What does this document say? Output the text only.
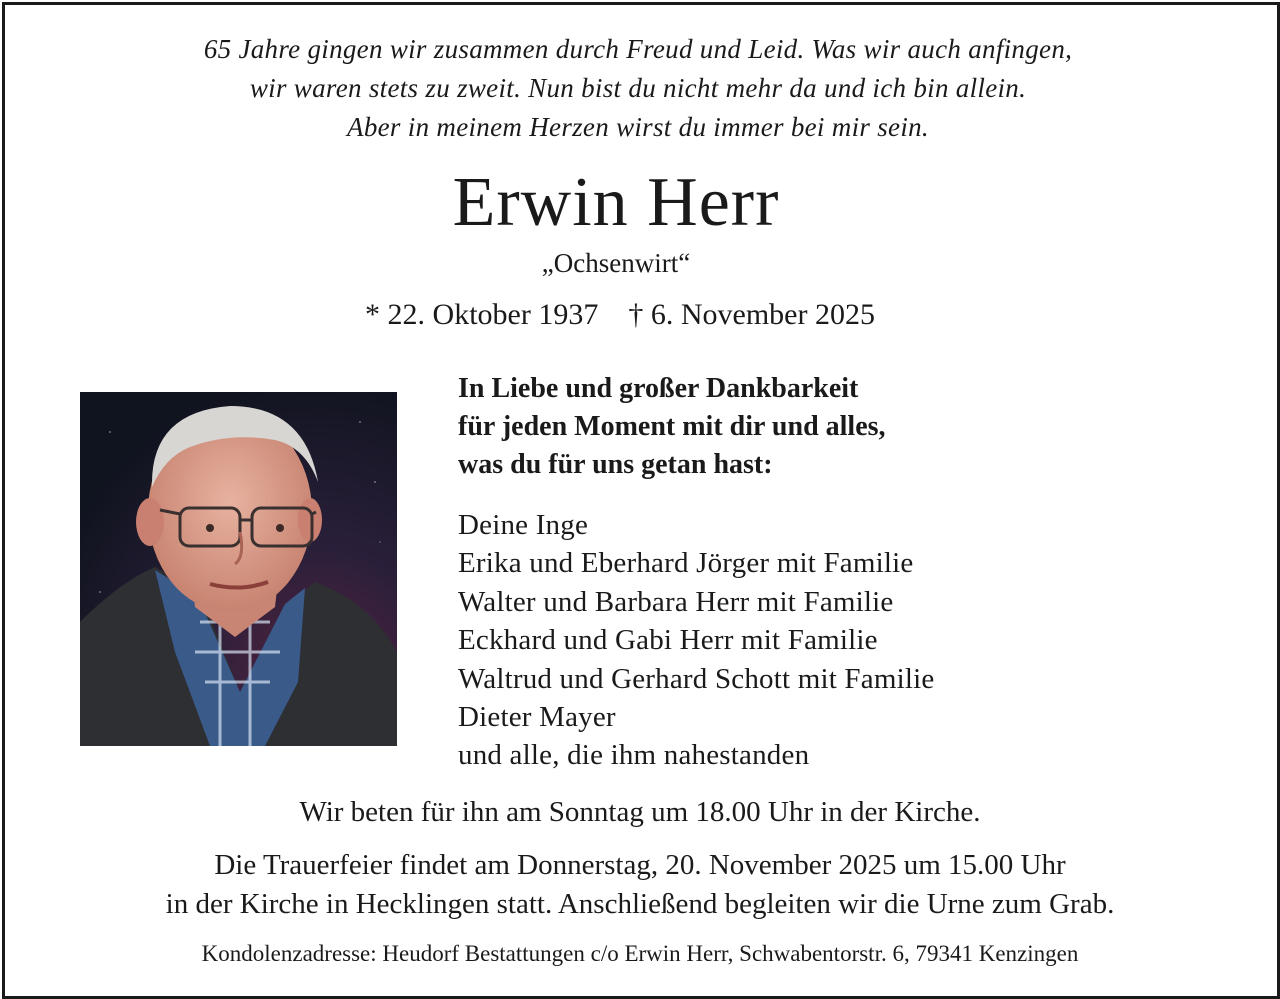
65 Jahre gingen wir zusammen durch Freud und Leid. Was wir auch anfingen,
wir waren stets zu zweit. Nun bist du nicht mehr da und ich bin allein.
Aber in meinem Herzen wirst du immer bei mir sein.
Erwin Herr
„Ochsenwirt“
* 22. Oktober 1937 † 6. November 2025
In Liebe und großer Dankbarkeit
für jeden Moment mit dir und alles,
was du für uns getan hast:
Deine Inge
Erika und Eberhard Jörger mit Familie
Walter und Barbara Herr mit Familie
Eckhard und Gabi Herr mit Familie
Waltrud und Gerhard Schott mit Familie
Dieter Mayer
und alle, die ihm nahestanden
Wir beten für ihn am Sonntag um 18.00 Uhr in der Kirche.
Die Trauerfeier findet am Donnerstag, 20. November 2025 um 15.00 Uhr
in der Kirche in Hecklingen statt. Anschließend begleiten wir die Urne zum Grab.
Kondolenzadresse: Heudorf Bestattungen c/o Erwin Herr, Schwabentorstr. 6, 79341 Kenzingen
